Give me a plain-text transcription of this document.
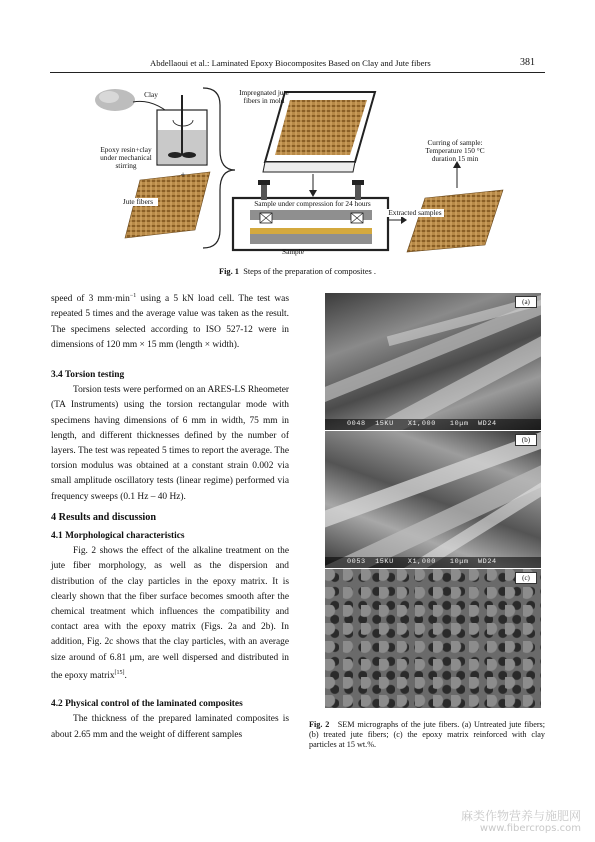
Abdellaoui et al.: Laminated Epoxy Biocomposites Based on Clay and Jute fibers	381
Clay
Epoxy resin+clay under mechanical stirring
+
Jute fibers
Impregnated jute fibers in mold
Curring of sample: Temperature 150 °C duration 15 min
Sample under compression for 24 hours
Extracted samples
Sample
Fig. 1 Steps of the preparation of composites .

speed of 3 $mm\cdot\min^{-1}$ using a 5 kN load cell. The test was repeated 5 times and the average value was taken as the result. The specimens selected according to ISO 527-12 were in dimensions of 120 mm × 15 mm (length × width).

3.4 Torsion testing

Torsion tests were performed on an ARES-LS Rheometer (TA Instruments) using the torsion rectangular mode with specimens having dimensions of 6 mm in width, 75 mm in length, and different thicknesses defined by the number of layers. The test was repeated 5 times to report the average. The torsion modulus was obtained at a constant strain 0.002 via small amplitude oscillatory tests (linear regime) performed via frequency sweeps (0.1 Hz – 40 Hz).

4 Results and discussion

4.1 Morphological characteristics

Fig. 2 shows the effect of the alkaline treatment on the jute fiber morphology, as well as the dispersion and distribution of the clay particles in the epoxy matrix. It is clearly shown that the fiber surface becomes smooth after the chemical treatment which influences the compatibility and contact area with the epoxy matrix (Figs. 2a and 2b). In addition, Fig. 2c shows that the clay particles, with an average size around of 6.81 μm, are well dispersed and distributed in the epoxy matrix[15].

4.2 Physical control of the laminated composites

The thickness of the prepared laminated composites is about 2.65 mm and the weight of different samples

(a)
0048  15KU   X1,000   10μm  WD24
(b)
0053  15KU   X1,000   10μm  WD24
(c)
Fig. 2 SEM micrographs of the jute fibers. (a) Untreated jute fibers; (b) treated jute fibers; (c) the epoxy matrix reinforced with clay particles at 15 wt.%.
麻类作物营养与施肥网
www.fibercrops.com
